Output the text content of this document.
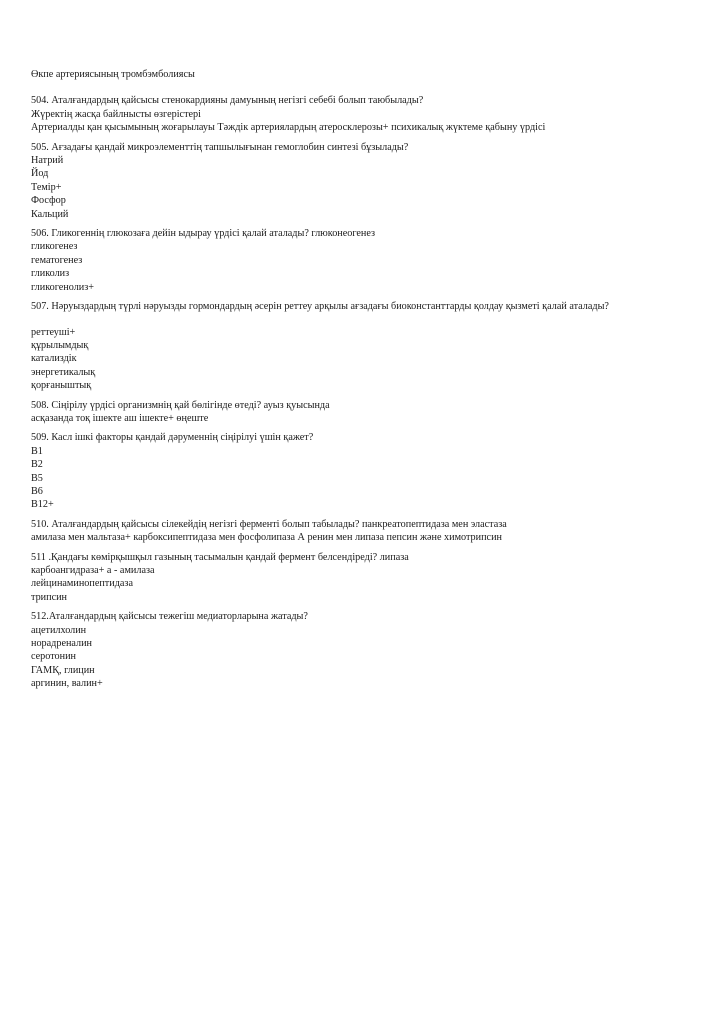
Өкпе артериясының тромбэмболиясы
504. Аталғандардың қайсысы стенокардияны дамуының негізгі себебі болып таюбылады?
Жүректің жасқа байлнысты өзгерістері
Артериалды қан қысымының жоғарылауы Тәждік артериялардың атеросклерозы+ психикалық жүктеме қабыну үрдісі
505. Ағзадағы қандай микроэлементтің тапшылығынан гемоглобин синтезі бұзылады?
Натрий
Йод
Темір+
Фосфор
Кальций
506. Гликогеннің глюкозаға дейін ыдырау үрдісі қалай аталады? глюконеогенез
гликогенез
гематогенез
гликолиз
гликогенолиз+
507. Нәруыздардың түрлі нәруызды гормондардың әсерін реттеу арқылы ағзадағы биоконстанттарды қолдау қызметі қалай аталады?
реттеуші+
құрылымдық
катализдік
энергетикалық
қорғаныштық
508. Сіңірілу үрдісі организмнің қай бөлігінде өтеді? ауыз қуысында
асқазанда тоқ ішекте аш ішекте+ өңеште
509. Касл ішкі факторы қандай дәруменнің сіңірілуі үшін қажет?
В1
В2
В5
В6
В12+
510. Аталғандардың қайсысы сілекейдің негізгі ферменті болып табылады? панкреатопептидаза мен эластаза
амилаза мен мальтаза+ карбоксипептидаза мен фосфолипаза А ренин мен липаза пепсин және химотрипсин
511 .Қандағы көмірқышқыл газының тасымалын қандай фермент белсендіреді? липаза
карбоангидраза+ а - амилаза
лейцинаминопептидаза
трипсин
512.Аталғандардың қайсысы тежегіш медиаторларына жатады?
ацетилхолин
норадреналин
серотонин
ГАМҚ, глицин
аргинин, валин+
